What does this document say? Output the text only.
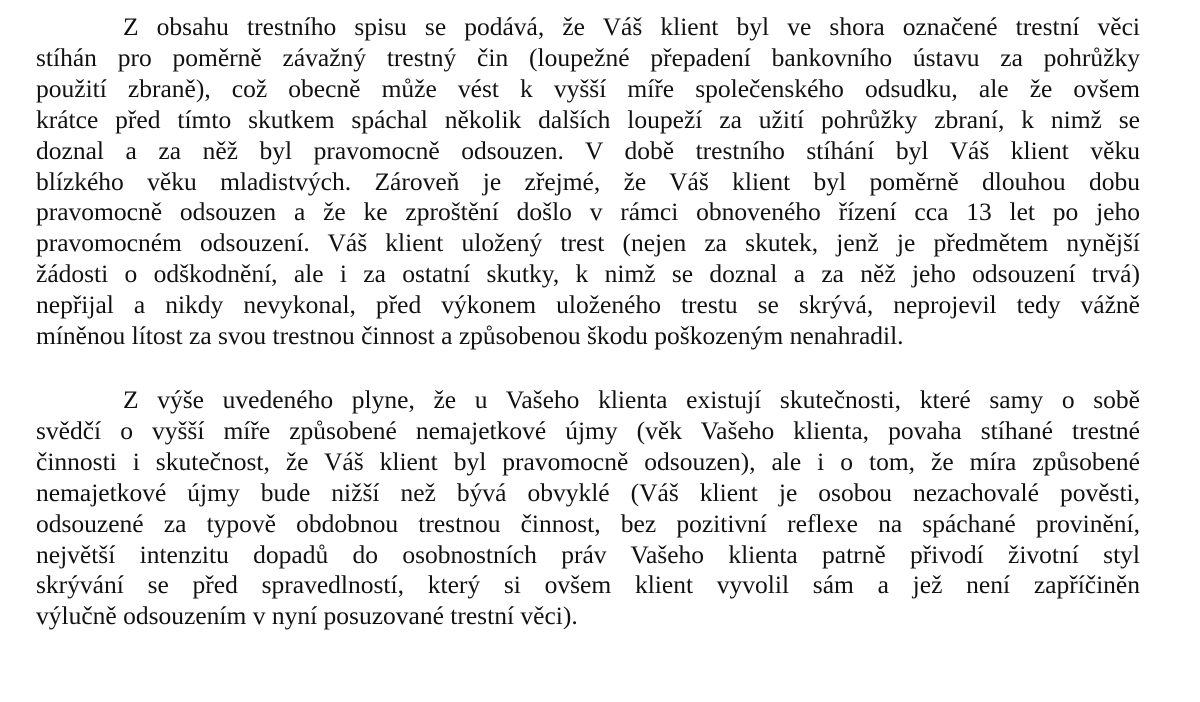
Z obsahu trestního spisu se podává, že Váš klient byl ve shora označené trestní věci
stíhán pro poměrně závažný trestný čin (loupežné přepadení bankovního ústavu za pohrůžky
použití zbraně), což obecně může vést k vyšší míře společenského odsudku, ale že ovšem
krátce před tímto skutkem spáchal několik dalších loupeží za užití pohrůžky zbraní, k nimž se
doznal a za něž byl pravomocně odsouzen. V době trestního stíhání byl Váš klient věku
blízkého věku mladistvých. Zároveň je zřejmé, že Váš klient byl poměrně dlouhou dobu
pravomocně odsouzen a že ke zproštění došlo v rámci obnoveného řízení cca 13 let po jeho
pravomocném odsouzení. Váš klient uložený trest (nejen za skutek, jenž je předmětem nynější
žádosti o odškodnění, ale i za ostatní skutky, k nimž se doznal a za něž jeho odsouzení trvá)
nepřijal a nikdy nevykonal, před výkonem uloženého trestu se skrývá, neprojevil tedy vážně
míněnou lítost za svou trestnou činnost a způsobenou škodu poškozeným nenahradil.
Z výše uvedeného plyne, že u Vašeho klienta existují skutečnosti, které samy o sobě
svědčí o vyšší míře způsobené nemajetkové újmy (věk Vašeho klienta, povaha stíhané trestné
činnosti i skutečnost, že Váš klient byl pravomocně odsouzen), ale i o tom, že míra způsobené
nemajetkové újmy bude nižší než bývá obvyklé (Váš klient je osobou nezachovalé pověsti,
odsouzené za typově obdobnou trestnou činnost, bez pozitivní reflexe na spáchané provinění,
největší intenzitu dopadů do osobnostních práv Vašeho klienta patrně přivodí životní styl
skrývání se před spravedlností, který si ovšem klient vyvolil sám a jež není zapříčiněn
výlučně odsouzením v nyní posuzované trestní věci).
